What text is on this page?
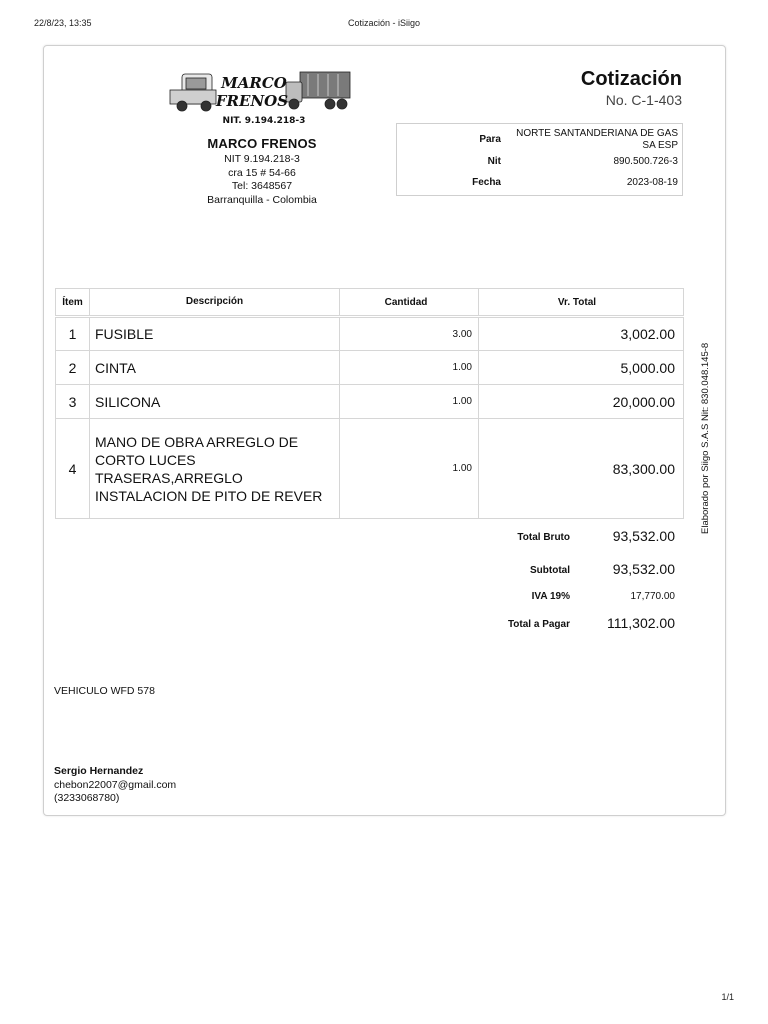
22/8/23, 13:35	Cotización - iSiigo
MARCO
FRENOS
NIT. 9.194.218-3
MARCO FRENOS
NIT 9.194.218-3
cra 15 # 54-66
Tel: 3648567
Barranquilla - Colombia
Cotización
No. C-1-403
Para
NORTE SANTANDERIANA DE GAS SA ESP
Nit	890.500.726-3
Fecha	2023-08-19
Ítem	Descripción	Cantidad	Vr. Total

1	FUSIBLE	3.00	3,002.00
2	CINTA	1.00	5,000.00
3	SILICONA	1.00	20,000.00
4	MANO DE OBRA ARREGLO DE CORTO LUCES TRASERAS,ARREGLO INSTALACION DE PITO DE REVER	1.00	83,300.00
Total Bruto	93,532.00
Subtotal	93,532.00
IVA 19%	17,770.00
Total a Pagar	111,302.00
VEHICULO WFD 578
Sergio Hernandez
chebon22007@gmail.com
(3233068780)
Elaborado por Siigo S.A.S Nit: 830.048.145-8
1/1
